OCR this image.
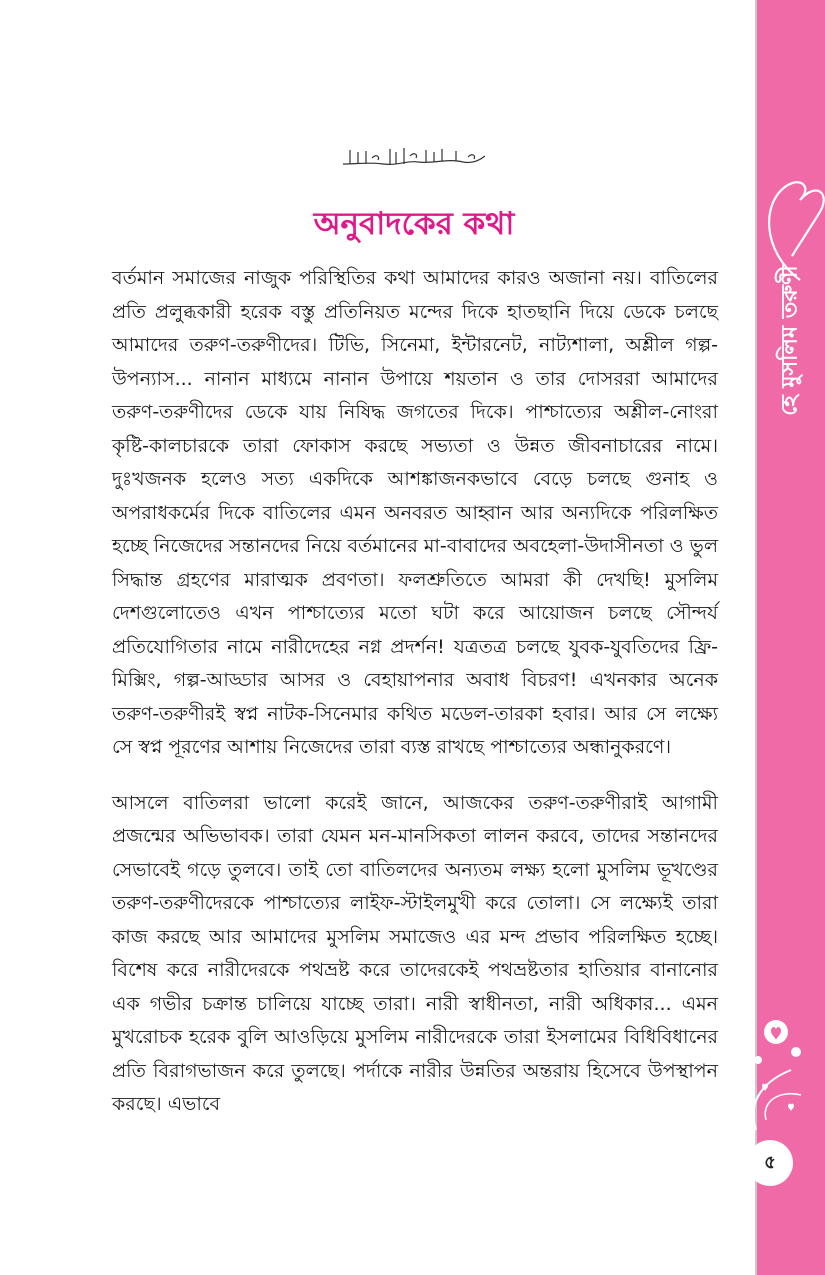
হে মুসলিম তরুণী
৫
অনুবাদকের কথা

বর্তমান সমাজের নাজুক পরিস্থিতির কথা আমাদের কারও অজানা নয়। বাতিলের প্রতি প্রলুব্ধকারী হরেক বস্তু প্রতিনিয়ত মন্দের দিকে হাতছানি দিয়ে ডেকে চলছে আমাদের তরুণ-তরুণীদের। টিভি, সিনেমা, ইন্টারনেট, নাট্যশালা, অশ্লীল গল্প-উপন্যাস... নানান মাধ্যমে নানান উপায়ে শয়তান ও তার দোসররা আমাদের তরুণ-তরুণীদের ডেকে যায় নিষিদ্ধ জগতের দিকে। পাশ্চাত্যের অশ্লীল-নোংরা কৃষ্টি-কালচারকে তারা ফোকাস করছে সভ্যতা ও উন্নত জীবনাচারের নামে। দুঃখজনক হলেও সত্য একদিকে আশঙ্কাজনকভাবে বেড়ে চলছে গুনাহ ও অপরাধকর্মের দিকে বাতিলের এমন অনবরত আহ্বান আর অন্যদিকে পরিলক্ষিত হচ্ছে নিজেদের সন্তানদের নিয়ে বর্তমানের মা-বাবাদের অবহেলা-উদাসীনতা ও ভুল সিদ্ধান্ত গ্রহণের মারাত্মক প্রবণতা। ফলশ্রুতিতে আমরা কী দেখছি! মুসলিম দেশগুলোতেও এখন পাশ্চাত্যের মতো ঘটা করে আয়োজন চলছে সৌন্দর্য প্রতিযোগিতার নামে নারীদেহের নগ্ন প্রদর্শন! যত্রতত্র চলছে যুবক-যুবতিদের ফ্রি-মিক্সিং, গল্প-আড্ডার আসর ও বেহায়াপনার অবাধ বিচরণ! এখনকার অনেক তরুণ-তরুণীরই স্বপ্ন নাটক-সিনেমার কথিত মডেল-তারকা হবার। আর সে লক্ষ্যে সে স্বপ্ন পূরণের আশায় নিজেদের তারা ব্যস্ত রাখছে পাশ্চাত্যের অন্ধানুকরণে।

আসলে বাতিলরা ভালো করেই জানে, আজকের তরুণ-তরুণীরাই আগামী প্রজন্মের অভিভাবক। তারা যেমন মন-মানসিকতা লালন করবে, তাদের সন্তানদের সেভাবেই গড়ে তুলবে। তাই তো বাতিলদের অন্যতম লক্ষ্য হলো মুসলিম ভূখণ্ডের তরুণ-তরুণীদেরকে পাশ্চাত্যের লাইফ-স্টাইলমুখী করে তোলা। সে লক্ষ্যেই তারা কাজ করছে আর আমাদের মুসলিম সমাজেও এর মন্দ প্রভাব পরিলক্ষিত হচ্ছে। বিশেষ করে নারীদেরকে পথভ্রষ্ট করে তাদেরকেই পথভ্রষ্টতার হাতিয়ার বানানোর এক গভীর চক্রান্ত চালিয়ে যাচ্ছে তারা। নারী স্বাধীনতা, নারী অধিকার... এমন মুখরোচক হরেক বুলি আওড়িয়ে মুসলিম নারীদেরকে তারা ইসলামের বিধিবিধানের প্রতি বিরাগভাজন করে তুলছে। পর্দাকে নারীর উন্নতির অন্তরায় হিসেবে উপস্থাপন করছে। এভাবে
